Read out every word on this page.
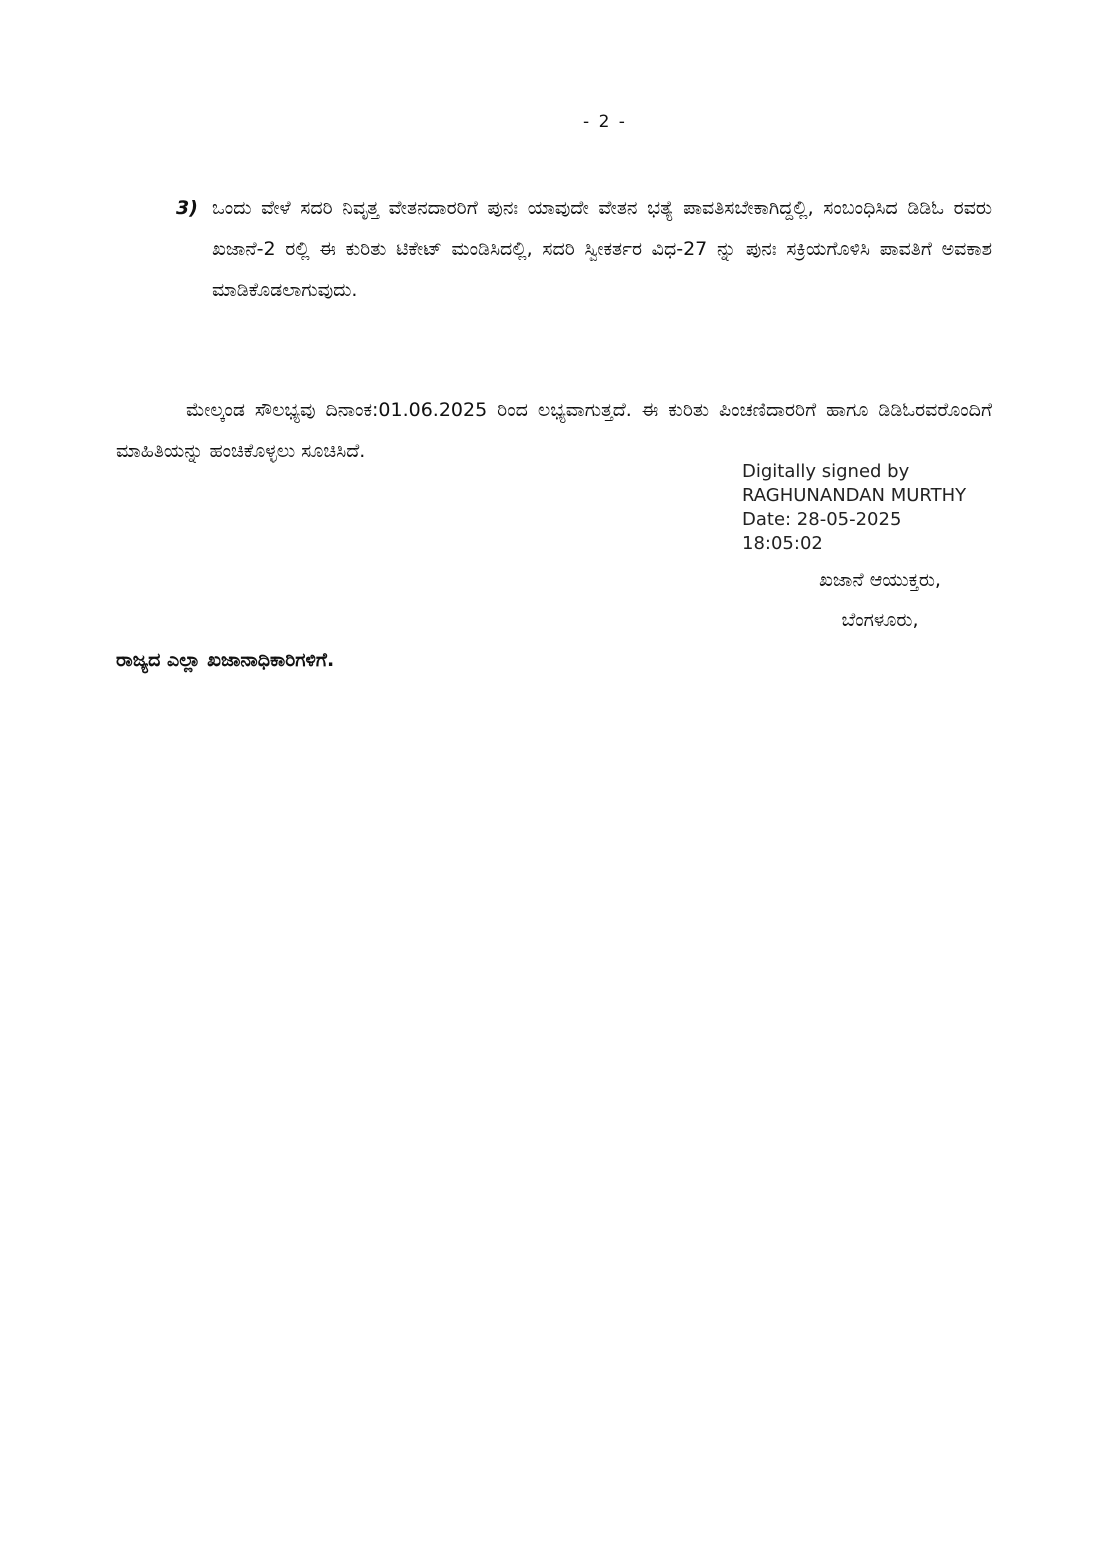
- 2 -
3) ಒಂದು ವೇಳೆ ಸದರಿ ನಿವೃತ್ತ ವೇತನದಾರರಿಗೆ ಪುನಃ ಯಾವುದೇ ವೇತನ ಭತ್ಯೆ ಪಾವತಿಸಬೇಕಾಗಿದ್ದಲ್ಲಿ, ಸಂಬಂಧಿಸಿದ ಡಿಡಿಓ ರವರು ಖಜಾನೆ-2 ರಲ್ಲಿ ಈ ಕುರಿತು ಟಿಕೇಟ್ ಮಂಡಿಸಿದಲ್ಲಿ, ಸದರಿ ಸ್ವೀಕರ್ತರ ವಿಧ-27 ನ್ನು ಪುನಃ ಸಕ್ರಿಯಗೊಳಿಸಿ ಪಾವತಿಗೆ ಅವಕಾಶ ಮಾಡಿಕೊಡಲಾಗುವುದು.
ಮೇಲ್ಕಂಡ ಸೌಲಭ್ಯವು ದಿನಾಂಕ:01.06.2025 ರಿಂದ ಲಭ್ಯವಾಗುತ್ತದೆ. ಈ ಕುರಿತು ಪಿಂಚಣಿದಾರರಿಗೆ ಹಾಗೂ ಡಿಡಿಓರವರೊಂದಿಗೆ ಮಾಹಿತಿಯನ್ನು ಹಂಚಿಕೊಳ್ಳಲು ಸೂಚಿಸಿದೆ.
Digitally signed by
RAGHUNANDAN MURTHY
Date: 28-05-2025
18:05:02
ಖಜಾನೆ ಆಯುಕ್ತರು,
ಬೆಂಗಳೂರು,
ರಾಜ್ಯದ ಎಲ್ಲಾ ಖಜಾನಾಧಿಕಾರಿಗಳಿಗೆ.
